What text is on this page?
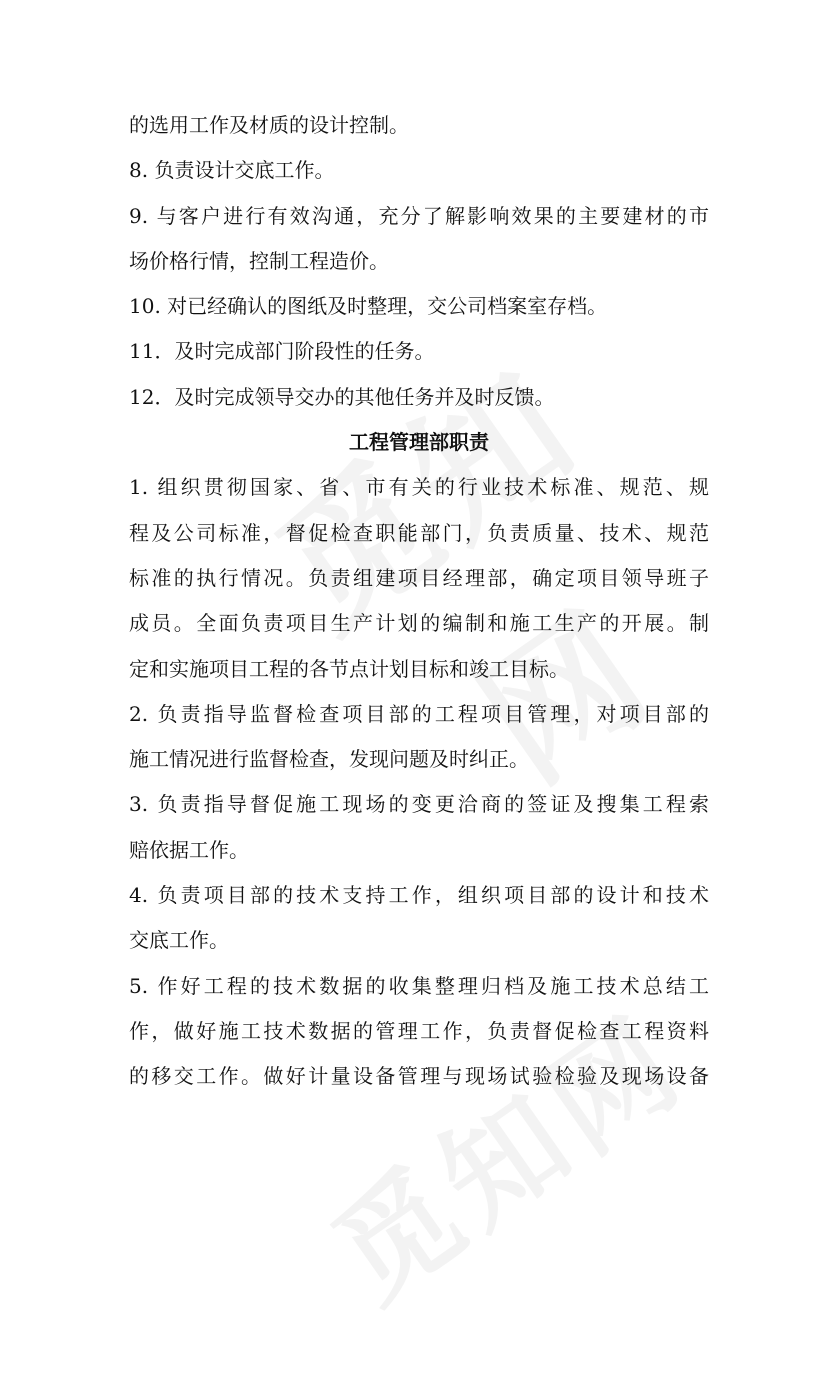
的选用工作及材质的设计控制。

8. 负责设计交底工作。

9. 与客户进行有效沟通，充分了解影响效果的主要建材的市

场价格行情，控制工程造价。

10. 对已经确认的图纸及时整理，交公司档案室存档。

11．及时完成部门阶段性的任务。

12．及时完成领导交办的其他任务并及时反馈。

工程管理部职责

1. 组织贯彻国家、省、市有关的行业技术标准、规范、规

程及公司标准，督促检查职能部门，负责质量、技术、规范

标准的执行情况。负责组建项目经理部，确定项目领导班子

成员。全面负责项目生产计划的编制和施工生产的开展。制

定和实施项目工程的各节点计划目标和竣工目标。

2. 负责指导监督检查项目部的工程项目管理，对项目部的

施工情况进行监督检查，发现问题及时纠正。

3. 负责指导督促施工现场的变更洽商的签证及搜集工程索

赔依据工作。

4. 负责项目部的技术支持工作，组织项目部的设计和技术

交底工作。

5. 作好工程的技术数据的收集整理归档及施工技术总结工

作，做好施工技术数据的管理工作，负责督促检查工程资料

的移交工作。做好计量设备管理与现场试验检验及现场设备
